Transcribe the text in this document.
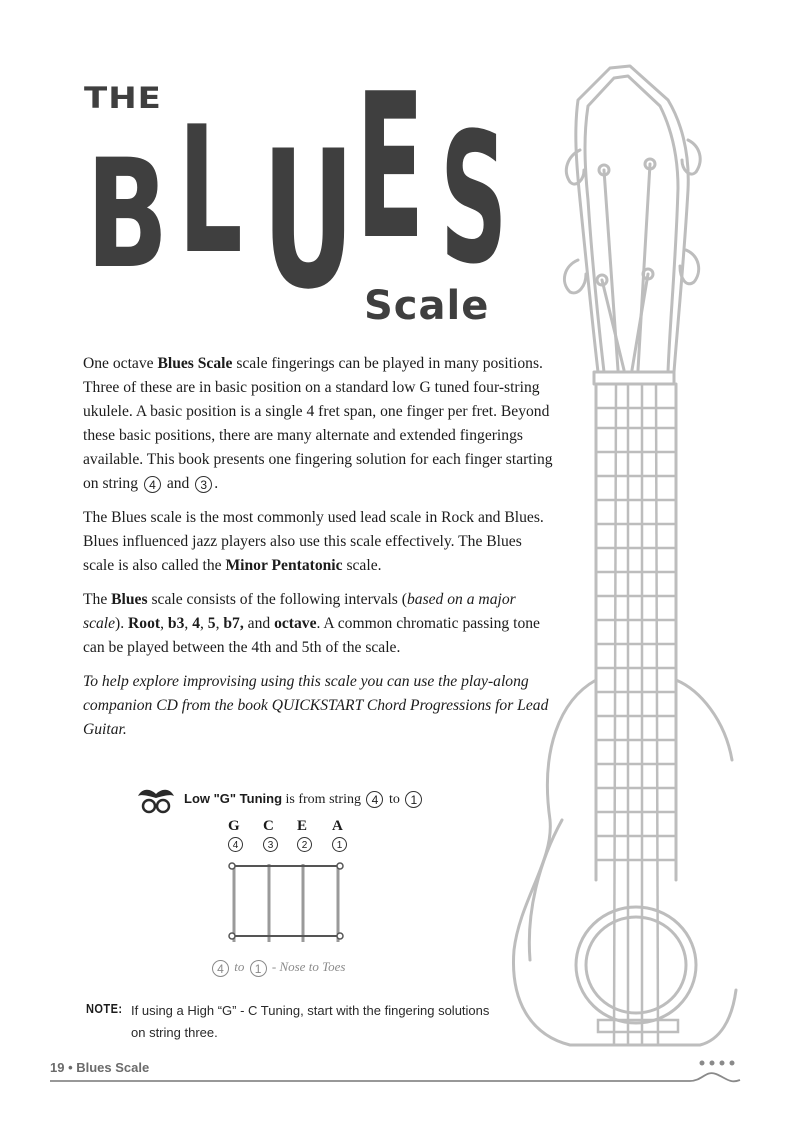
THE
B L U E S
Scale

One octave Blues Scale scale fingerings can be played in many positions. Three of these are in basic position on a standard low G tuned four-string ukulele. A basic position is a single 4 fret span, one finger per fret. Beyond these basic positions, there are many alternate and extended fingerings available. This book presents one fingering solution for each finger starting on string 4 and 3 .

The Blues scale is the most commonly used lead scale in Rock and Blues. Blues influenced jazz players also use this scale effectively. The Blues scale is also called the Minor Pentatonic scale.

The Blues scale consists of the following intervals (based on a major scale). Root, b3, 4, 5, b7, and octave. A common chromatic passing tone can be played between the 4th and 5th of the scale.

To help explore improvising using this scale you can use the play-along companion CD from the book QUICKSTART Chord Progressions for Lead Guitar.

Low "G" Tuning is from string 4 to 1
G C E A
4	3	2	1
4 to 1 - Nose to Toes
NOTE: If using a High “G” - C Tuning, start with the fingering solutions on string three.
19 • Blues Scale
